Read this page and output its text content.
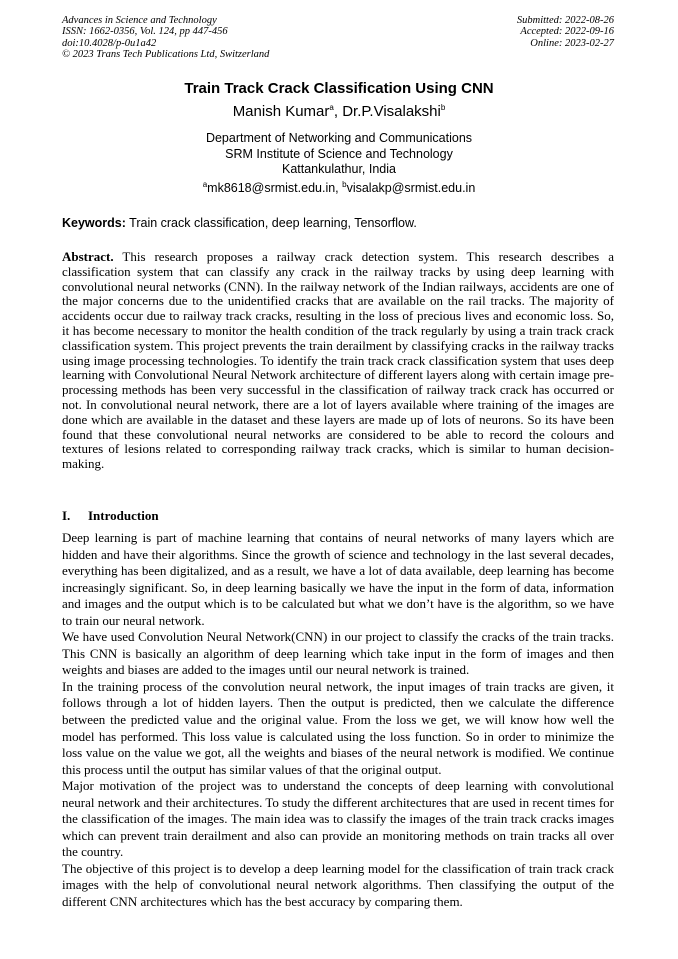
Advances in Science and Technology
ISSN: 1662-0356, Vol. 124, pp 447-456
doi:10.4028/p-0u1a42
© 2023 Trans Tech Publications Ltd, Switzerland
Submitted: 2022-08-26
Accepted: 2022-09-16
Online: 2023-02-27
Train Track Crack Classification Using CNN
Manish Kumar$^a$, Dr.P.Visalakshi$^b$
Department of Networking and Communications
SRM Institute of Science and Technology
Kattankulathur, India
$^a$mk8618@srmist.edu.in, $^b$visalakp@srmist.edu.in
Keywords: Train crack classification, deep learning, Tensorflow.
Abstract. This research proposes a railway crack detection system. This research describes a classification system that can classify any crack in the railway tracks by using deep learning with convolutional neural networks (CNN). In the railway network of the Indian railways, accidents are one of the major concerns due to the unidentified cracks that are available on the rail tracks. The majority of accidents occur due to railway track cracks, resulting in the loss of precious lives and economic loss. So, it has become necessary to monitor the health condition of the track regularly by using a train track crack classification system. This project prevents the train derailment by classifying cracks in the railway tracks using image processing technologies. To identify the train track crack classification system that uses deep learning with Convolutional Neural Network architecture of different layers along with certain image pre-processing methods has been very successful in the classification of railway track crack has occurred or not. In convolutional neural network, there are a lot of layers available where training of the images are done which are available in the dataset and these layers are made up of lots of neurons. So its have been found that these convolutional neural networks are considered to be able to record the colours and textures of lesions related to corresponding railway track cracks, which is similar to human decision-making.
I. Introduction

Deep learning is part of machine learning that contains of neural networks of many layers which are hidden and have their algorithms. Since the growth of science and technology in the last several decades, everything has been digitalized, and as a result, we have a lot of data available, deep learning has become increasingly significant. So, in deep learning basically we have the input in the form of data, information and images and the output which is to be calculated but what we don’t have is the algorithm, so we have to train our neural network.

We have used Convolution Neural Network(CNN) in our project to classify the cracks of the train tracks. This CNN is basically an algorithm of deep learning which take input in the form of images and then weights and biases are added to the images until our neural network is trained.

In the training process of the convolution neural network, the input images of train tracks are given, it follows through a lot of hidden layers. Then the output is predicted, then we calculate the difference between the predicted value and the original value. From the loss we get, we will know how well the model has performed. This loss value is calculated using the loss function. So in order to minimize the loss value on the value we got, all the weights and biases of the neural network is modified. We continue this process until the output has similar values of that the original output.

Major motivation of the project was to understand the concepts of deep learning with convolutional neural network and their architectures. To study the different architectures that are used in recent times for the classification of the images. The main idea was to classify the images of the train track cracks images which can prevent train derailment and also can provide an monitoring methods on train tracks all over the country.

The objective of this project is to develop a deep learning model for the classification of train track crack images with the help of convolutional neural network algorithms. Then classifying the output of the different CNN architectures which has the best accuracy by comparing them.
